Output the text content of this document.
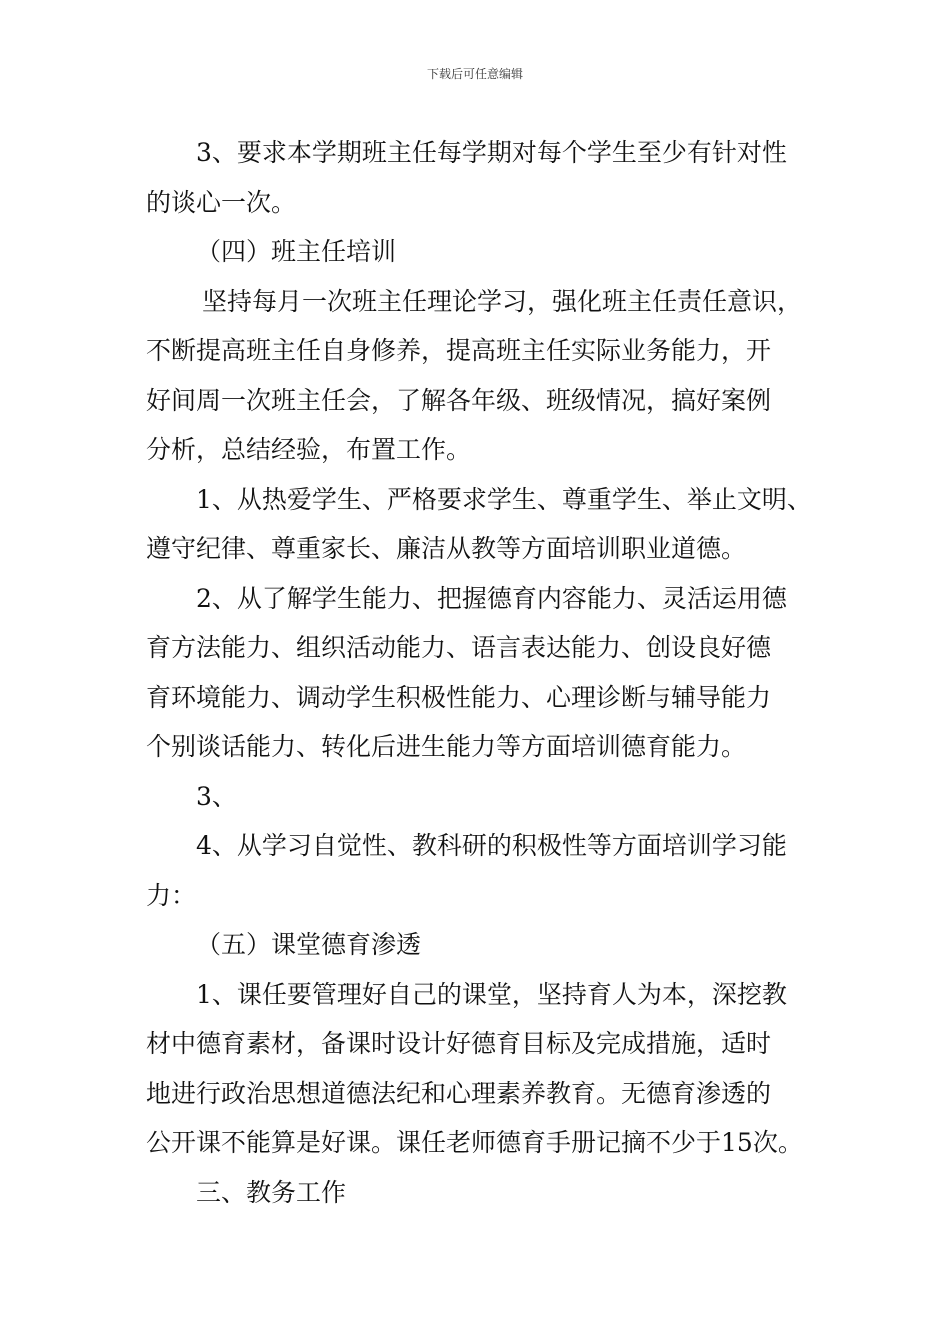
下载后可任意编辑

3、要求本学期班主任每学期对每个学生至少有针对性

的谈心一次。

（四）班主任培训

坚持每月一次班主任理论学习，强化班主任责任意识，

不断提高班主任自身修养，提高班主任实际业务能力，开

好间周一次班主任会，了解各年级、班级情况，搞好案例

分析，总结经验，布置工作。

1、从热爱学生、严格要求学生、尊重学生、举止文明、

遵守纪律、尊重家长、廉洁从教等方面培训职业道德。

2、从了解学生能力、把握德育内容能力、灵活运用德

育方法能力、组织活动能力、语言表达能力、创设良好德

育环境能力、调动学生积极性能力、心理诊断与辅导能力

个别谈话能力、转化后进生能力等方面培训德育能力。

3、

4、从学习自觉性、教科研的积极性等方面培训学习能

力：

（五）课堂德育渗透

1、课任要管理好自己的课堂，坚持育人为本，深挖教

材中德育素材，备课时设计好德育目标及完成措施，适时

地进行政治思想道德法纪和心理素养教育。无德育渗透的

公开课不能算是好课。课任老师德育手册记摘不少于15次。

三、教务工作
